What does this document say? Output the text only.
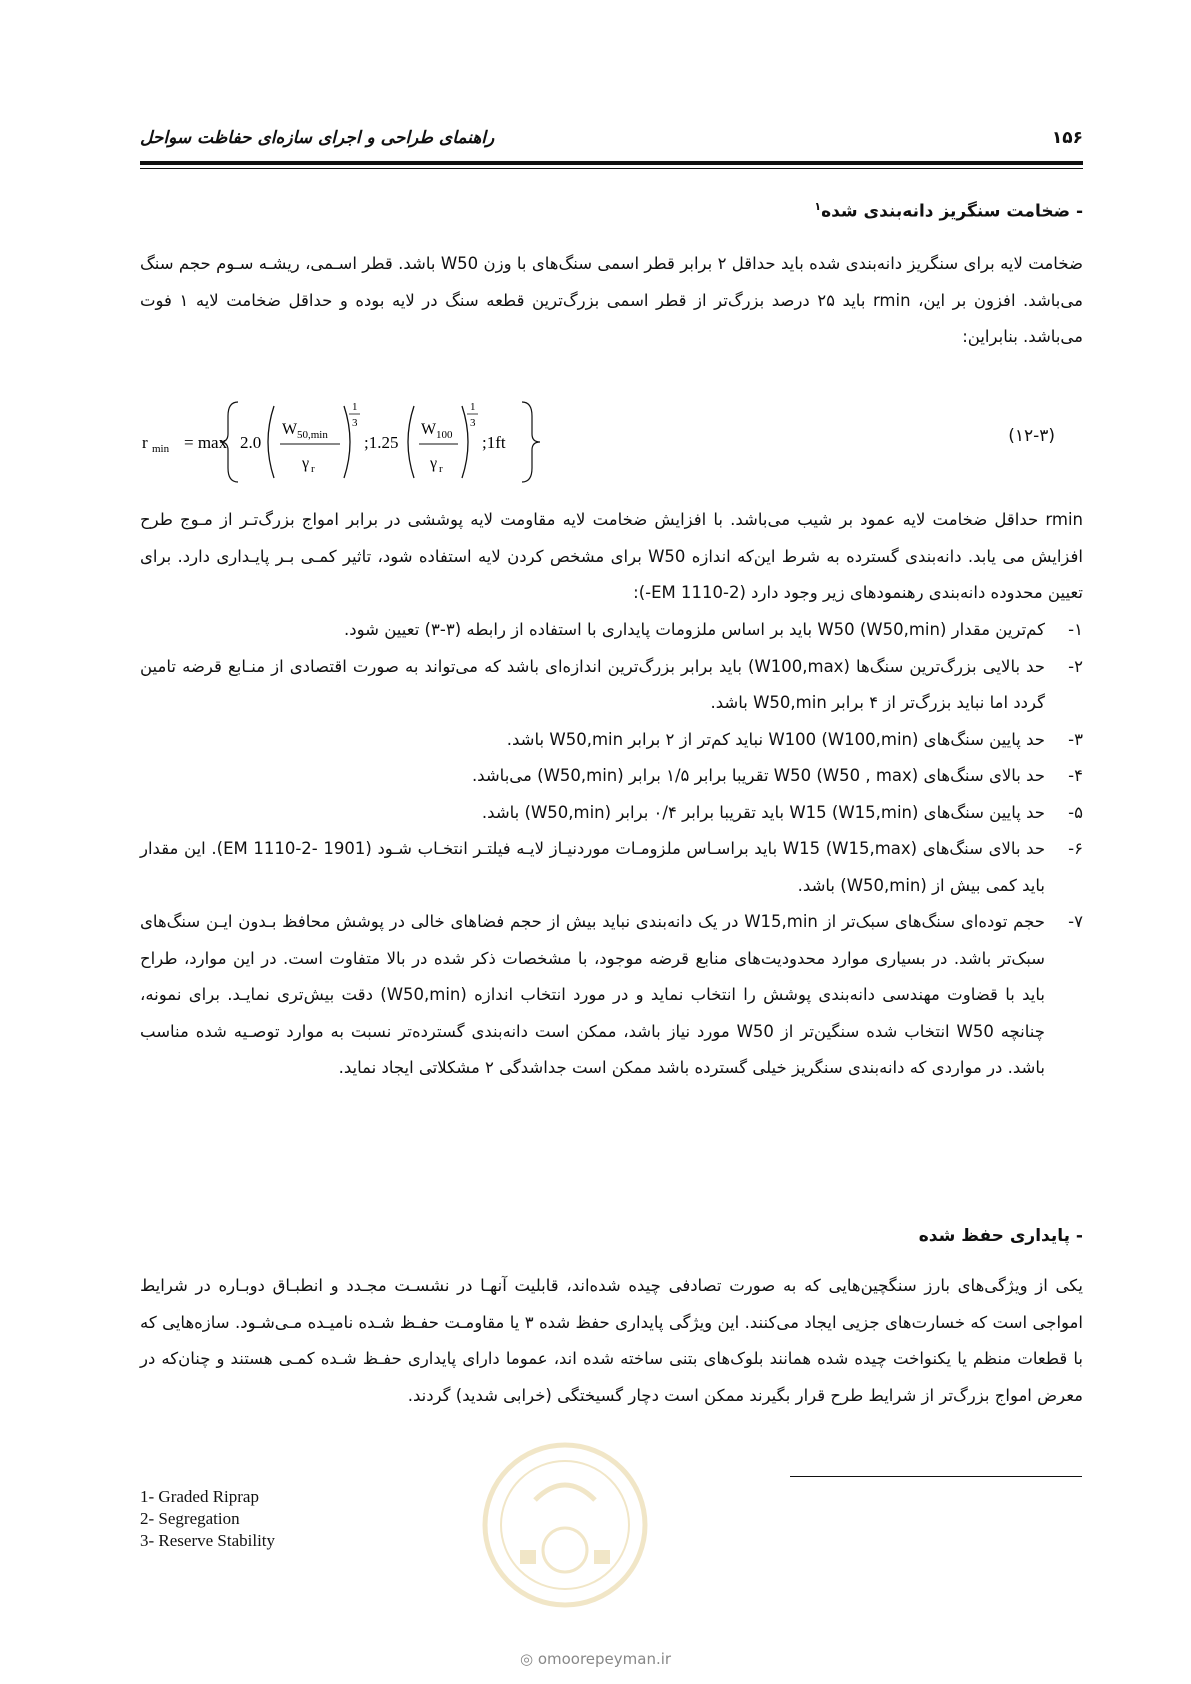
۱۵۶
راهنمای طراحی و اجرای سازه‌ای حفاظت سواحل
- ضخامت سنگریز دانه‌بندی شده$^۱$
ضخامت لایه برای سنگریز دانه‌بندی شده باید حداقل ۲ برابر قطر اسمی سنگ‌های با وزن W50 باشد. قطر اسـمی، ریشـه سـوم حجم سنگ می‌باشد. افزون بر این، rmin باید ۲۵ درصد بزرگ‌تر از قطر اسمی بزرگ‌ترین قطعه سنگ در لایه بوده و حداقل ضخامت لایه ۱ فوت می‌باشد. بنابراین:
r min = max 2.0
W 50,min
γ r
1
3
;1.25
W 100
γ r
1
3
;1ft	(۱۲-۳)
rmin حداقل ضخامت لایه عمود بر شیب می‌باشد. با افزایش ضخامت لایه مقاومت لایه پوششی در برابر امواج بزرگ‌تـر از مـوج طرح افزایش می یابد. دانه‌بندی گسترده به شرط این‌که اندازه W50 برای مشخص کردن لایه استفاده شود، تاثیر کمـی بـر پایـداری دارد. برای تعیین محدوده دانه‌بندی رهنمودهای زیر وجود دارد (EM 1110-2-):
۱-
کم‌ترین مقدار W50 (W50,min) باید بر اساس ملزومات پایداری با استفاده از رابطه (۳-۳) تعیین شود.
۲-
حد بالایی بزرگ‌ترین سنگ‌ها (W100,max) باید برابر بزرگ‌ترین اندازه‌ای باشد که می‌تواند به صورت اقتصادی از منـابع قرضه تامین گردد اما نباید بزرگ‌تر از ۴ برابر W50,min باشد.
۳-
حد پایین سنگ‌های W100 (W100,min) نباید کم‌تر از ۲ برابر W50,min باشد.
۴-
حد بالای سنگ‌های W50 (W50 , max) تقریبا برابر ۱/۵ برابر (W50,min) می‌باشد.
۵-
حد پایین سنگ‌های W15 (W15,min) باید تقریبا برابر ۰/۴ برابر (W50,min) باشد.
۶-
حد بالای سنگ‌های W15 (W15,max) باید براسـاس ملزومـات موردنیـاز لایـه فیلتـر انتخـاب شـود (EM 1110-2- 1901). این مقدار باید کمی بیش از (W50,min) باشد.
۷-
حجم توده‌ای سنگ‌های سبک‌تر از W15,min در یک دانه‌بندی نباید بیش از حجم فضاهای خالی در پوشش محافظ بـدون ایـن سنگ‌های سبک‌تر باشد. در بسیاری موارد محدودیت‌های منابع قرضه موجود، با مشخصات ذکر شده در بالا متفاوت است. در این موارد، طراح باید با قضاوت مهندسی دانه‌بندی پوشش را انتخاب نماید و در مورد انتخاب اندازه (W50,min) دقت بیش‌تری نمایـد. برای نمونه، چنانچه W50 انتخاب شده سنگین‌تر از W50 مورد نیاز باشد، ممکن است دانه‌بندی گسترده‌تر نسبت به موارد توصـیه شده مناسب باشد. در مواردی که دانه‌بندی سنگریز خیلی گسترده باشد ممکن است جداشدگی ۲ مشکلاتی ایجاد نماید.
- پایداری حفظ شده
یکی از ویژگی‌های بارز سنگچین‌هایی که به صورت تصادفی چیده شده‌اند، قابلیت آنهـا در نشسـت مجـدد و انطبـاق دوبـاره در شرایط امواجی است که خسارت‌های جزیی ایجاد می‌کنند. این ویژگی پایداری حفظ شده ۳ یا مقاومـت حفـظ شـده نامیـده مـی‌شـود. سازه‌هایی که با قطعات منظم یا یکنواخت چیده شده همانند بلوک‌های بتنی ساخته شده اند، عموما دارای پایداری حفـظ شـده کمـی هستند و چنان‌که در معرض امواج بزرگ‌تر از شرایط طرح قرار بگیرند ممکن است دچار گسیختگی (خرابی شدید) گردند.
1- Graded Riprap
2- Segregation
3- Reserve Stability
◎ omoorepeyman.ir
